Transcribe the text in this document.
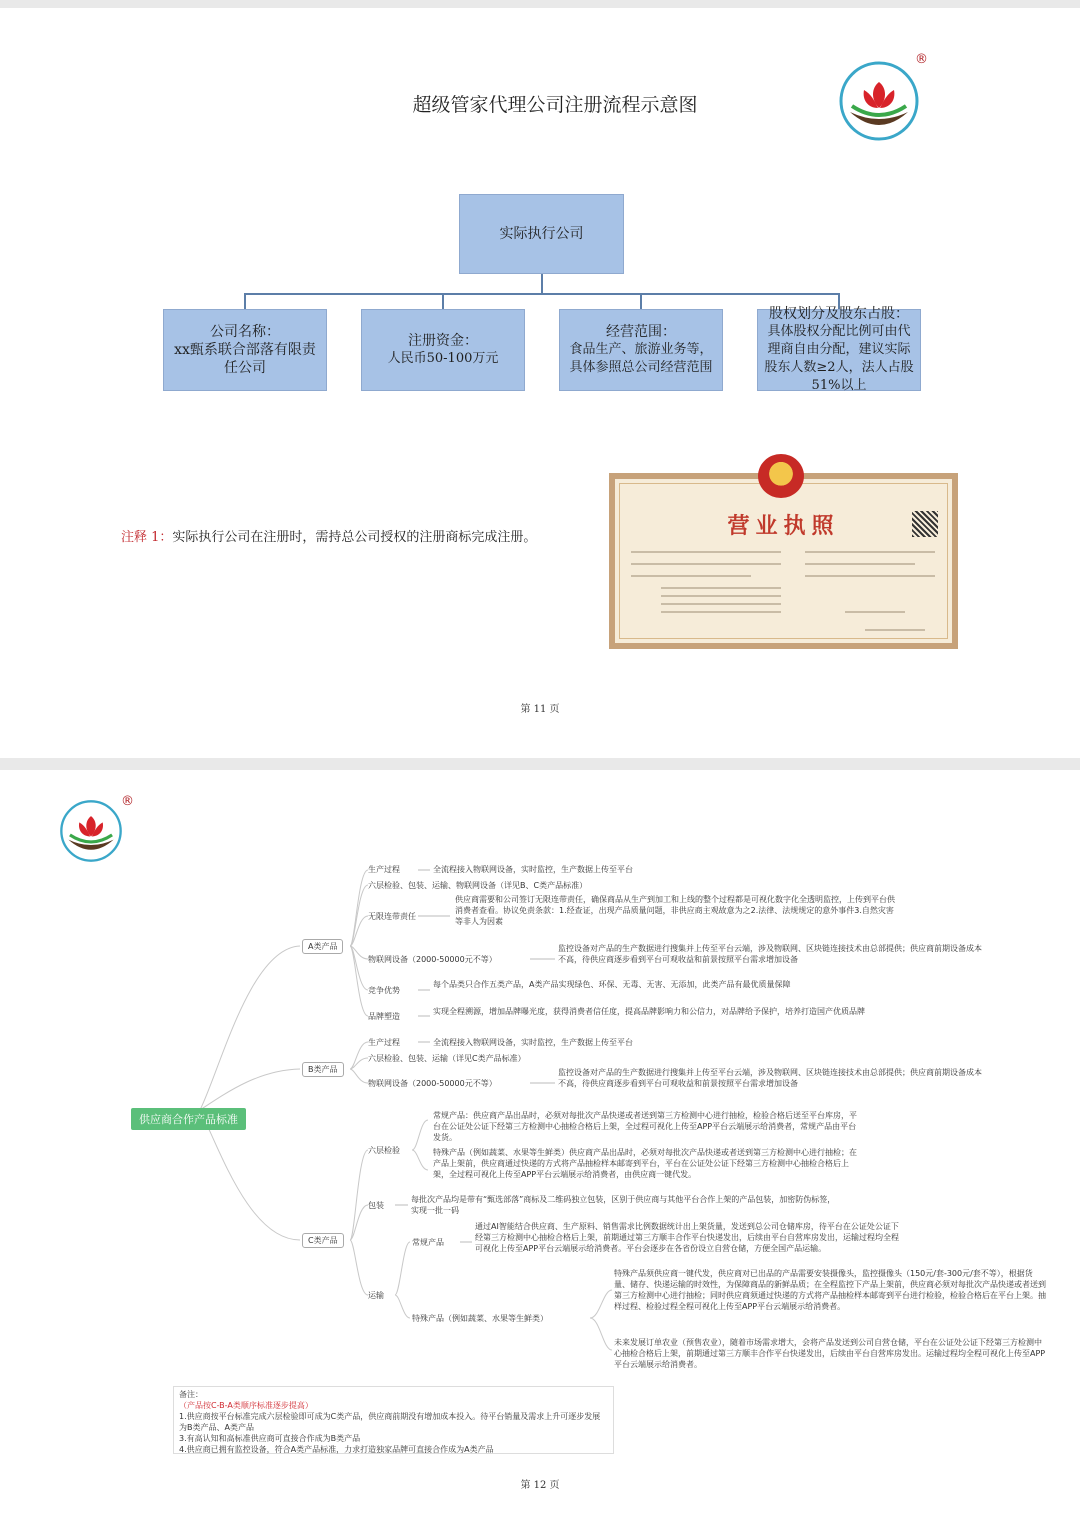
超级管家代理公司注册流程示意图
®
实际执行公司
公司名称：
xx甄系联合部落有限责任公司
注册资金：
人民币50-100万元
经营范围：
食品生产、旅游业务等，具体参照总公司经营范围
股权划分及股东占股：
具体股权分配比例可由代理商自由分配，建议实际股东人数≥2人，法人占股51%以上
注释 1：实际执行公司在注册时，需持总公司授权的注册商标完成注册。	营业执照
★
第 11 页
®
供应商合作产品标准
A类产品
生产过程	全流程接入物联网设备，实时监控，生产数据上传至平台
六层检验、包装、运输、物联网设备（详见B、C类产品标准）
无限连带责任
供应商需要和公司签订无限连带责任，确保商品从生产到加工和上线的整个过程都是可视化数字化全透明监控，上传到平台供消费者查看。协议免责条款：1.经查证，出现产品质量问题，非供应商主观故意为之2.法律、法规规定的意外事件3.自然灾害等非人为因素
物联网设备（2000-50000元不等）
监控设备对产品的生产数据进行搜集并上传至平台云端，涉及物联网、区块链连接技术由总部提供；供应商前期设备成本不高，待供应商逐步看到平台可观收益和前景按照平台需求增加设备
竞争优势
每个品类只合作五类产品，A类产品实现绿色、环保、无毒、无害、无添加，此类产品有最优质量保障
品牌塑造
实现全程溯源，增加品牌曝光度，获得消费者信任度，提高品牌影响力和公信力，对品牌给予保护，培养打造国产优质品牌
B类产品
生产过程	全流程接入物联网设备，实时监控，生产数据上传至平台
六层检验、包装、运输（详见C类产品标准）
物联网设备（2000-50000元不等）
监控设备对产品的生产数据进行搜集并上传至平台云端，涉及物联网、区块链连接技术由总部提供；供应商前期设备成本不高，待供应商逐步看到平台可观收益和前景按照平台需求增加设备
C类产品
六层检验
常规产品：供应商产品出品时，必须对每批次产品快递或者送到第三方检测中心进行抽检，检验合格后送至平台库房，平台在公证处公证下经第三方检测中心抽检合格后上架，全过程可视化上传至APP平台云端展示给消费者，常规产品由平台发货。
特殊产品（例如蔬菜、水果等生鲜类）供应商产品出品时，必须对每批次产品快递或者送到第三方检测中心进行抽检；在产品上架前，供应商通过快递的方式将产品抽检样本邮寄到平台，平台在公证处公证下经第三方检测中心抽检合格后上架，全过程可视化上传至APP平台云端展示给消费者，由供应商一键代发。
包装
每批次产品均是带有“甄选部落”商标及二维码独立包装，区别于供应商与其他平台合作上架的产品包装，加密防伪标签，实现一批一码
运输
常规产品
通过AI智能结合供应商、生产原料、销售需求比例数据统计出上架货量，发送到总公司仓储库房，待平台在公证处公证下经第三方检测中心抽检合格后上架，前期通过第三方顺丰合作平台快递发出，后续由平台自营库房发出，运输过程均全程可视化上传至APP平台云端展示给消费者。平台会逐步在各省份设立自营仓储，方便全国产品运输。
特殊产品（例如蔬菜、水果等生鲜类）
特殊产品须供应商一键代发，供应商对已出品的产品需要安装摄像头，监控摄像头（150元/套-300元/套不等），根据货量、储存、快递运输的时效性，为保障商品的新鲜品质；在全程监控下产品上架前，供应商必须对每批次产品快递或者送到第三方检测中心进行抽检；同时供应商须通过快递的方式将产品抽检样本邮寄到平台进行检验，检验合格后在平台上架。抽样过程、检验过程全程可视化上传至APP平台云端展示给消费者。
未来发展订单农业（预售农业），随着市场需求增大，会将产品发送到公司自营仓储，平台在公证处公证下经第三方检测中心抽检合格后上架，前期通过第三方顺丰合作平台快递发出，后续由平台自营库房发出。运输过程均全程可视化上传至APP平台云端展示给消费者。
备注：
（产品按C-B-A类顺序标准逐步提高）
1.供应商按平台标准完成六层检验即可成为C类产品，供应商前期没有增加成本投入。待平台销量及需求上升可逐步发展为B类产品、A类产品
3.有高认知和高标准供应商可直接合作成为B类产品
4.供应商已拥有监控设备，符合A类产品标准，力求打造独家品牌可直接合作成为A类产品
第 12 页
